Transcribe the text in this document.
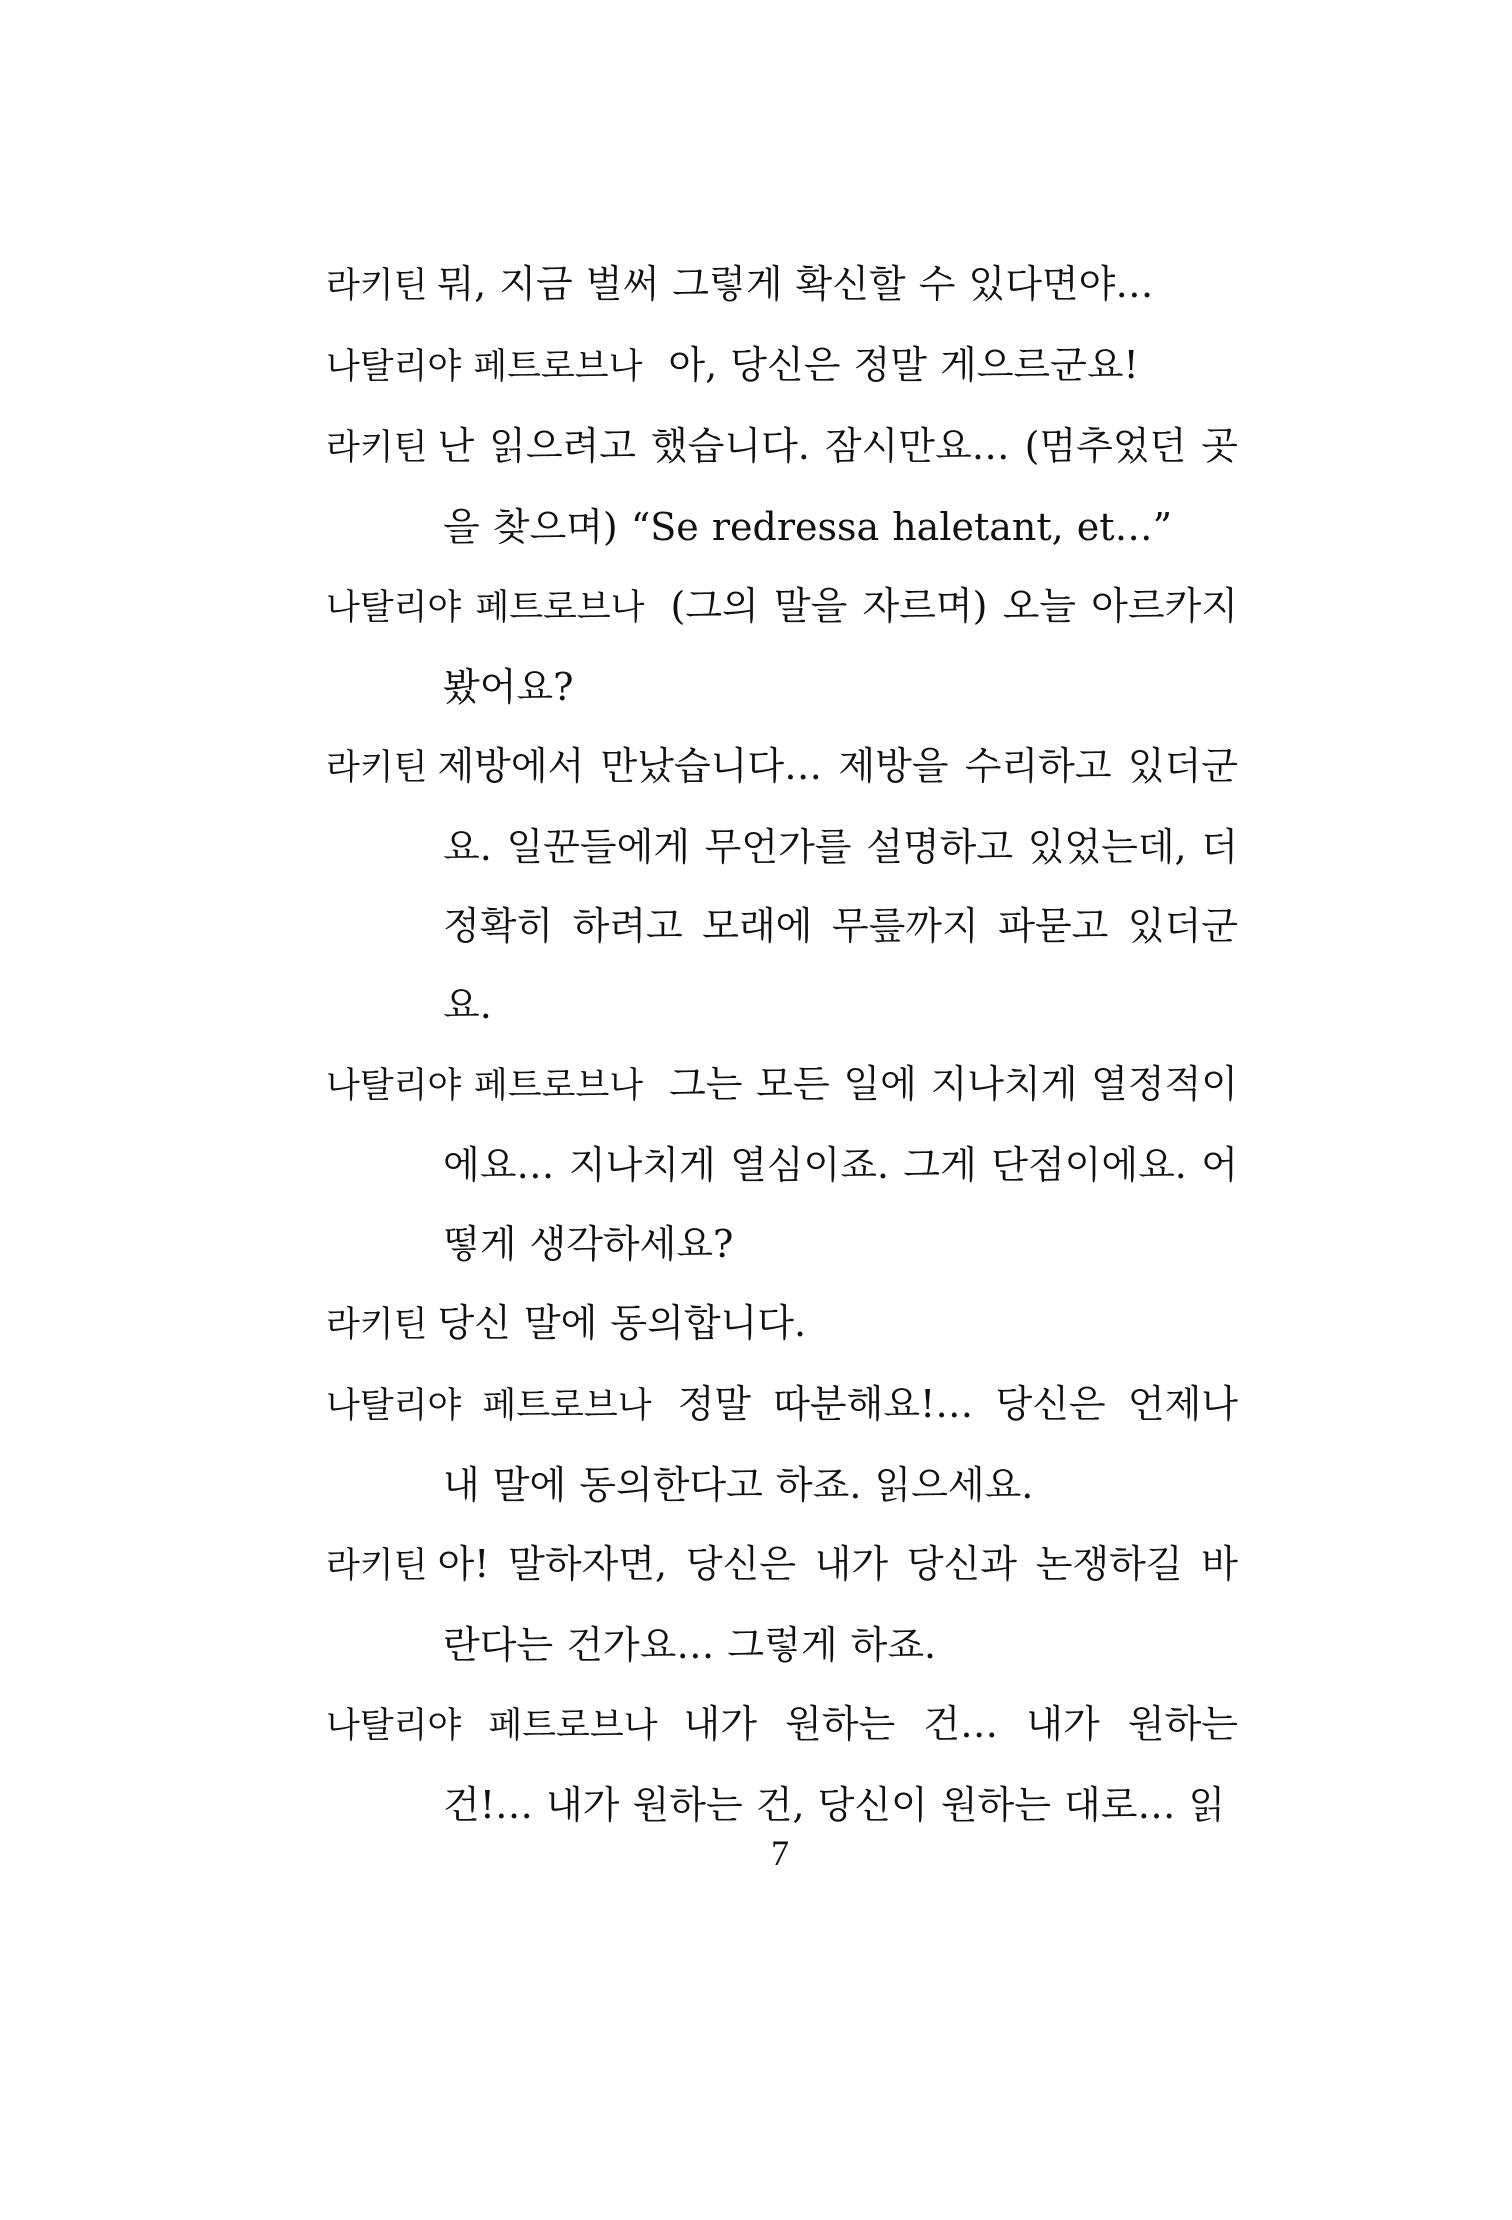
라키틴 뭐, 지금 벌써 그렇게 확신할 수 있다면야…

나탈리야 페트로브나 아, 당신은 정말 게으르군요!

라키틴 난 읽으려고 했습니다. 잠시만요… (멈추었던 곳을 찾으며) “Se redressa haletant, et…”

나탈리야 페트로브나 (그의 말을 자르며) 오늘 아르카지 봤어요?

라키틴 제방에서 만났습니다… 제방을 수리하고 있더군요. 일꾼들에게 무언가를 설명하고 있었는데, 더 정확히 하려고 모래에 무릎까지 파묻고 있더군요.

나탈리야 페트로브나 그는 모든 일에 지나치게 열정적이에요… 지나치게 열심이죠. 그게 단점이에요. 어떻게 생각하세요?

라키틴 당신 말에 동의합니다.

나탈리야 페트로브나 정말 따분해요!… 당신은 언제나 내 말에 동의한다고 하죠. 읽으세요.

라키틴 아! 말하자면, 당신은 내가 당신과 논쟁하길 바란다는 건가요… 그렇게 하죠.

나탈리야 페트로브나 내가 원하는 건… 내가 원하는 건!… 내가 원하는 건, 당신이 원하는 대로… 읽

7
